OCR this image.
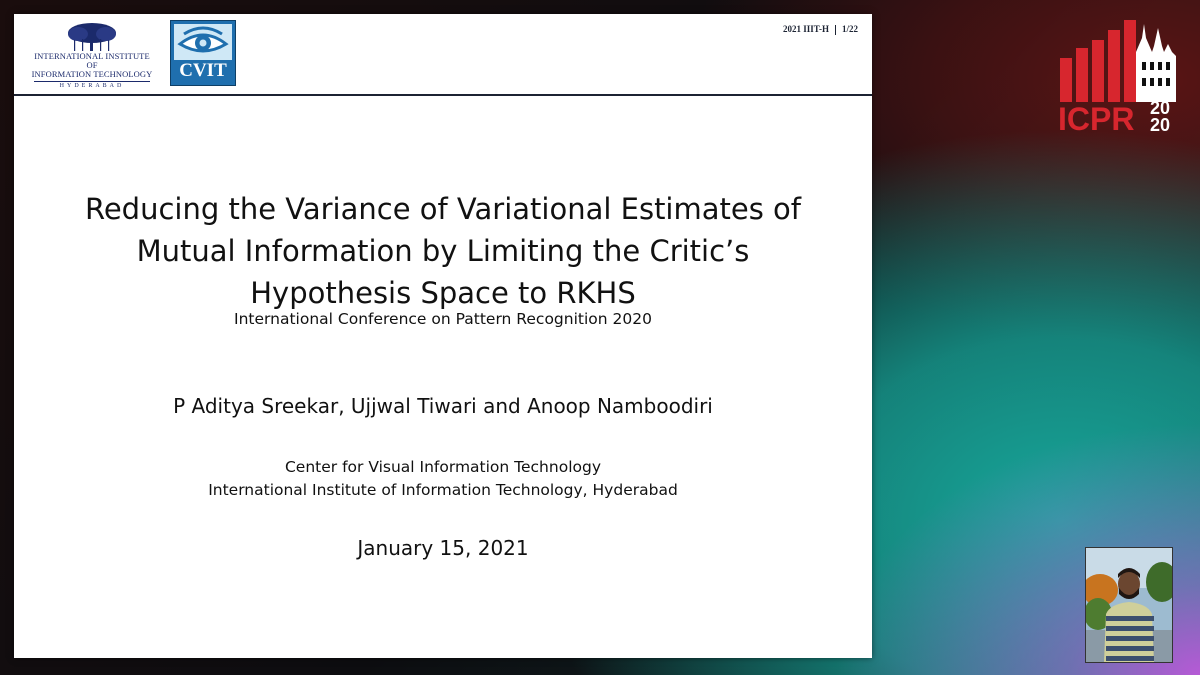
INTERNATIONAL INSTITUTE OF
INFORMATION TECHNOLOGY
HYDERABAD
CVIT
2021 IIIT-H 1/22
Reducing the Variance of Variational Estimates of
Mutual Information by Limiting the Critic’s
Hypothesis Space to RKHS
International Conference on Pattern Recognition 2020
P Aditya Sreekar, Ujjwal Tiwari and Anoop Namboodiri
Center for Visual Information Technology
International Institute of Information Technology, Hyderabad
January 15, 2021
ICPR 20
20
